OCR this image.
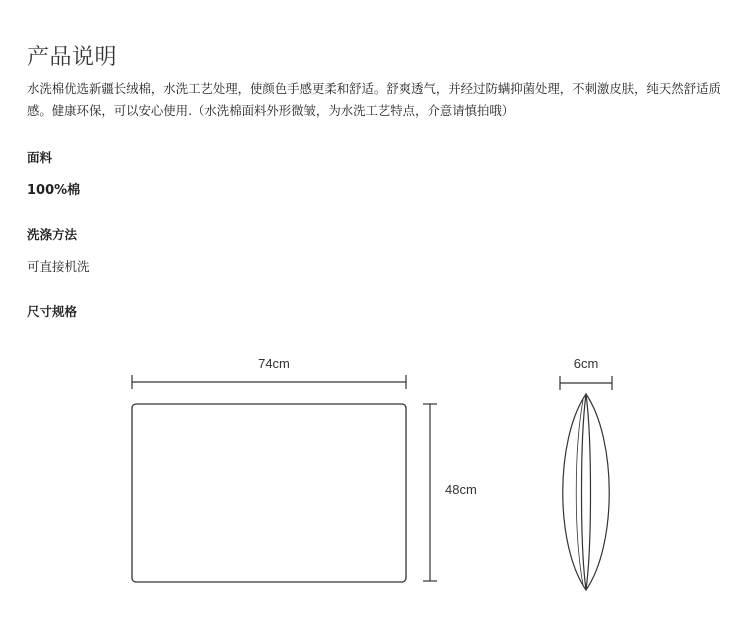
产品说明
水洗棉优选新疆长绒棉，水洗工艺处理，使颜色手感更柔和舒适。舒爽透气，并经过防螨抑菌处理，不刺激皮肤，纯天然舒适质感。健康环保，可以安心使用.（水洗棉面料外形微皱，为水洗工艺特点，介意请慎拍哦）
面料
100%棉
洗涤方法
可直接机洗
尺寸规格
74cm
48cm
6cm
